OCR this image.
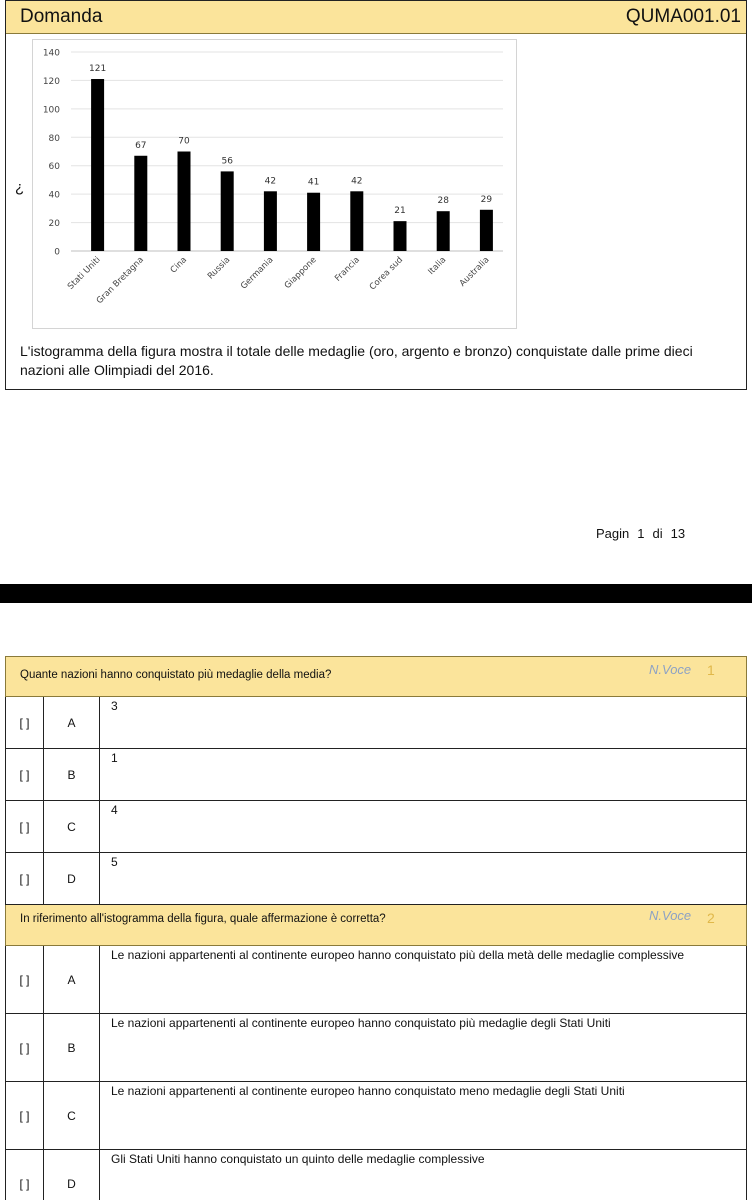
Domanda	QUMA001.01
¿
0
20
40
60
80
100
120
140
121
Stati Uniti
67
Gran Bretagna
70
Cina
56
Russia
42
Germania
41
Giappone
42
Francia
21
Corea sud
28
Italia
29
Australia
L'istogramma della figura mostra il totale delle medaglie (oro, argento e bronzo) conquistate dalle prime dieci nazioni alle Olimpiadi del 2016.
Pagin 1 di 13
Quante nazioni hanno conquistato più medaglie della media?	N.Voce 1
[ ]	A
3
[ ]	B
1
[ ]	C
4
[ ]	D
5
In riferimento all'istogramma della figura, quale affermazione è corretta?	N.Voce 2
[ ]	A
Le nazioni appartenenti al continente europeo hanno conquistato più della metà delle medaglie complessive
[ ]	B
Le nazioni appartenenti al continente europeo hanno conquistato più medaglie degli Stati Uniti
[ ]	C
Le nazioni appartenenti al continente europeo hanno conquistato meno medaglie degli Stati Uniti
[ ]	D
Gli Stati Uniti hanno conquistato un quinto delle medaglie complessive
